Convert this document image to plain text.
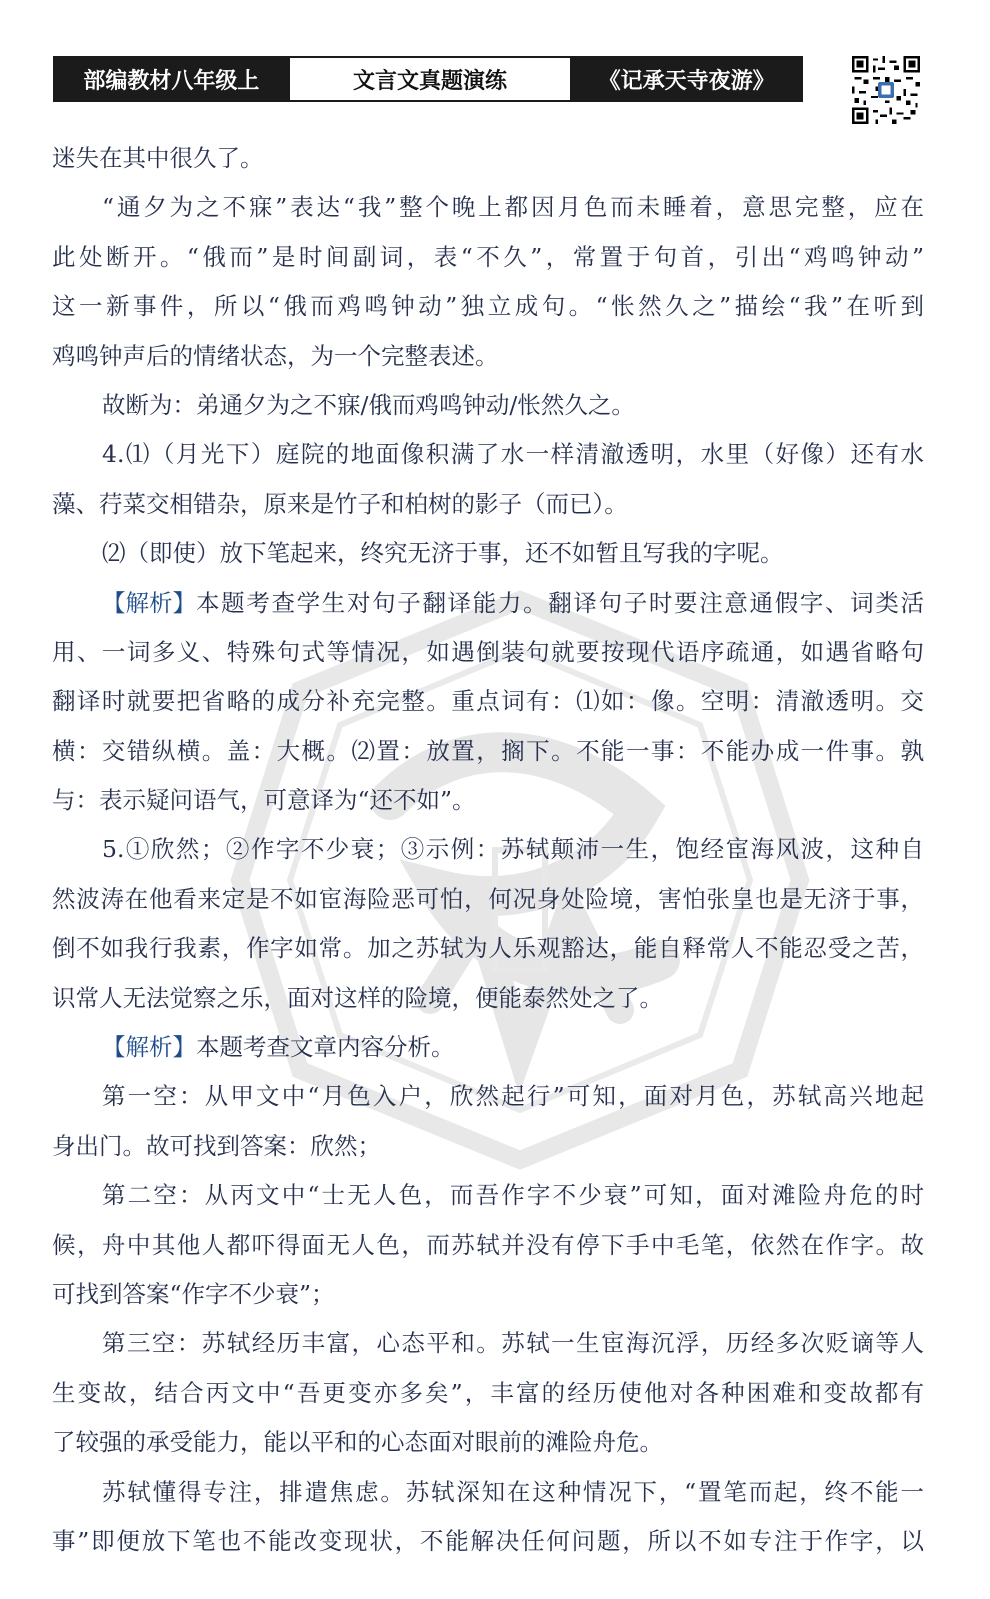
部编教材八年级上	文言文真题演练	《记承天寺夜游》
迷失在其中很久了。
“通夕为之不寐”表达“我”整个晚上都因月色而未睡着，意思完整，应在
此处断开。“俄而”是时间副词，表“不久”，常置于句首，引出“鸡鸣钟动”
这一新事件，所以“俄而鸡鸣钟动”独立成句。“怅然久之”描绘“我”在听到
鸡鸣钟声后的情绪状态，为一个完整表述。
故断为：弟通夕为之不寐/俄而鸡鸣钟动/怅然久之。
4.⑴（月光下）庭院的地面像积满了水一样清澈透明，水里（好像）还有水
藻、荇菜交相错杂，原来是竹子和柏树的影子（而已）。
⑵（即使）放下笔起来，终究无济于事，还不如暂且写我的字呢。
【解析】 本题考查学生对句子翻译能力。翻译句子时要注意通假字、词类活
用、一词多义、特殊句式等情况，如遇倒装句就要按现代语序疏通，如遇省略句
翻译时就要把省略的成分补充完整。重点词有：⑴如：像。空明：清澈透明。交
横：交错纵横。盖：大概。⑵置：放置，搁下。不能一事：不能办成一件事。孰
与：表示疑问语气，可意译为“还不如”。
5.①欣然；②作字不少衰；③示例：苏轼颠沛一生，饱经宦海风波，这种自
然波涛在他看来定是不如宦海险恶可怕，何况身处险境，害怕张皇也是无济于事，
倒不如我行我素，作字如常。加之苏轼为人乐观豁达，能自释常人不能忍受之苦，
识常人无法觉察之乐，面对这样的险境，便能泰然处之了。
【解析】 本题考查文章内容分析。
第一空：从甲文中“月色入户，欣然起行”可知，面对月色，苏轼高兴地起
身出门。故可找到答案：欣然；
第二空：从丙文中“士无人色，而吾作字不少衰”可知，面对滩险舟危的时
候，舟中其他人都吓得面无人色，而苏轼并没有停下手中毛笔，依然在作字。故
可找到答案“作字不少衰”；
第三空：苏轼经历丰富，心态平和。苏轼一生宦海沉浮，历经多次贬谪等人
生变故，结合丙文中“吾更变亦多矣”，丰富的经历使他对各种困难和变故都有
了较强的承受能力，能以平和的心态面对眼前的滩险舟危。
苏轼懂得专注，排遣焦虑。苏轼深知在这种情况下，“置笔而起，终不能一
事”即便放下笔也不能改变现状，不能解决任何问题，所以不如专注于作字，以
